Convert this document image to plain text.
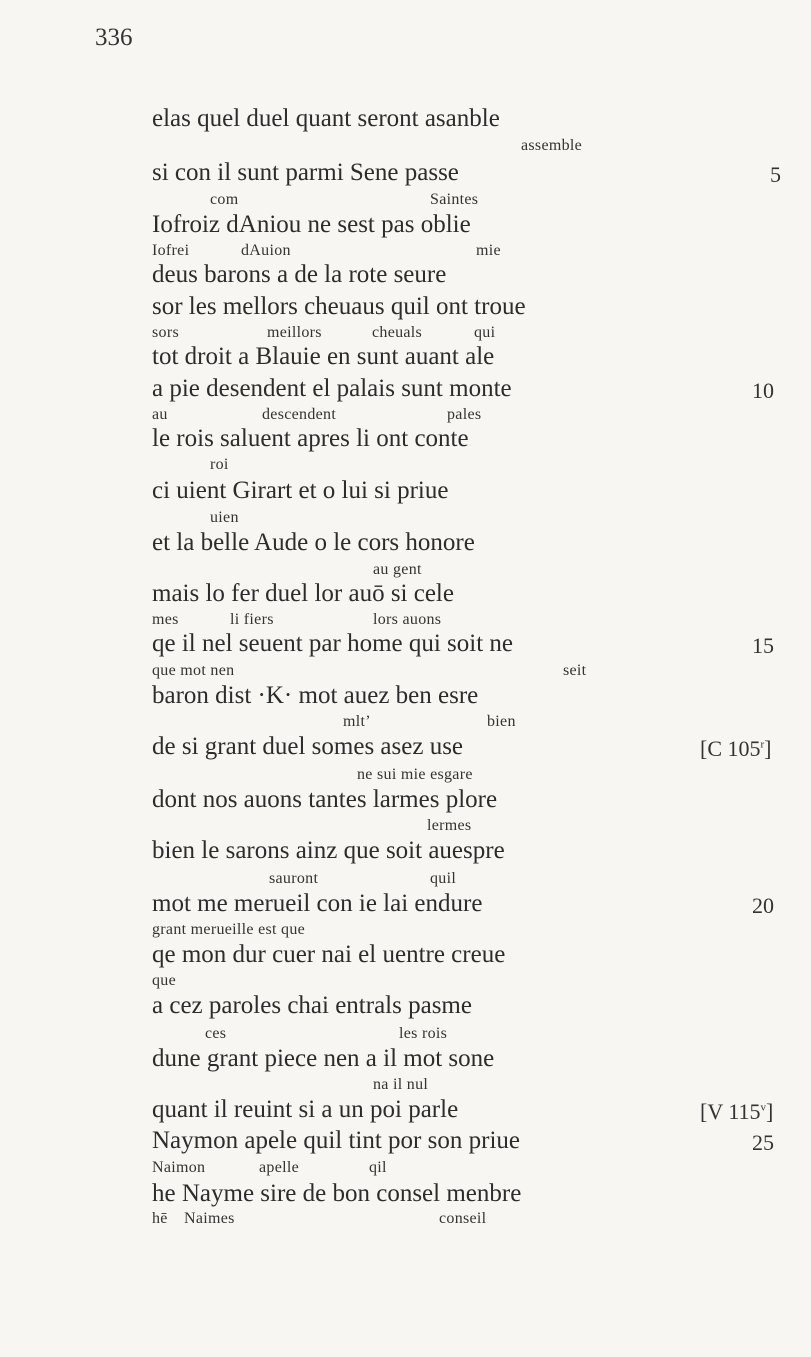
336
elas quel duel quant seront asanble
assemble
si con il sunt parmi Sene passe
com	Saintes
Iofroiz dAniou ne sest pas oblie
Iofrei	dAuion	mie
deus barons a de la rote seure
sor les mellors cheuaus quil ont troue
sors	meillors	cheuals	qui
tot droit a Blauie en sunt auant ale
a pie desendent el palais sunt monte
au	descendent	pales
le rois saluent apres li ont conte
roi
ci uient Girart et o lui si priue
uien
et la belle Aude o le cors honore
au gent
mais lo fer duel lor auō si cele
mes	li fiers	lors auons
qe il nel seuent par home qui soit ne
que mot nen	seit
baron dist ·K· mot auez ben esre
mlt’	bien
de si grant duel somes asez use
ne sui mie esgare
dont nos auons tantes larmes plore
lermes
bien le sarons ainz que soit auespre
sauront	quil
mot me merueil con ie lai endure
grant merueille est que
qe mon dur cuer nai el uentre creue
que
a cez paroles chai entrals pasme
ces	les rois
dune grant piece nen a il mot sone
na il nul
quant il reuint si a un poi parle
Naymon apele quil tint por son priue
Naimon	apelle	qil
he Nayme sire de bon consel menbre
hē Naimes	conseil
5
10
15
[C 105$^r$]
20
[V 115$^v$]
25
